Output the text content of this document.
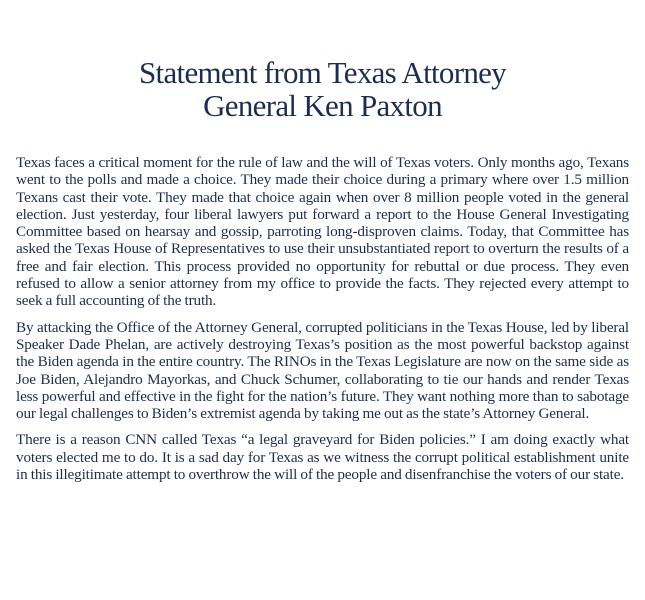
Statement from Texas Attorney
General Ken Paxton

Texas faces a critical moment for the rule of law and the will of Texas voters. Only months ago, Texans went to the polls and made a choice. They made their choice during a primary where over 1.5 million Texans cast their vote. They made that choice again when over 8 million people voted in the general election. Just yesterday, four liberal lawyers put forward a report to the House General Investigating Committee based on hearsay and gossip, parroting long-disproven claims. Today, that Committee has asked the Texas House of Representatives to use their unsubstantiated report to overturn the results of a free and fair election. This process provided no opportunity for rebuttal or due process. They even refused to allow a senior attorney from my office to provide the facts. They rejected every attempt to seek a full accounting of the truth.

By attacking the Office of the Attorney General, corrupted politicians in the Texas House, led by liberal Speaker Dade Phelan, are actively destroying Texas’s position as the most powerful backstop against the Biden agenda in the entire country. The RINOs in the Texas Legislature are now on the same side as Joe Biden, Alejandro Mayorkas, and Chuck Schumer, collaborating to tie our hands and render Texas less powerful and effective in the fight for the nation’s future. They want nothing more than to sabotage our legal challenges to Biden’s extremist agenda by taking me out as the state’s Attorney General.

There is a reason CNN called Texas “a legal graveyard for Biden policies.” I am doing exactly what voters elected me to do. It is a sad day for Texas as we witness the corrupt political establishment unite in this illegitimate attempt to overthrow the will of the people and disenfranchise the voters of our state.
